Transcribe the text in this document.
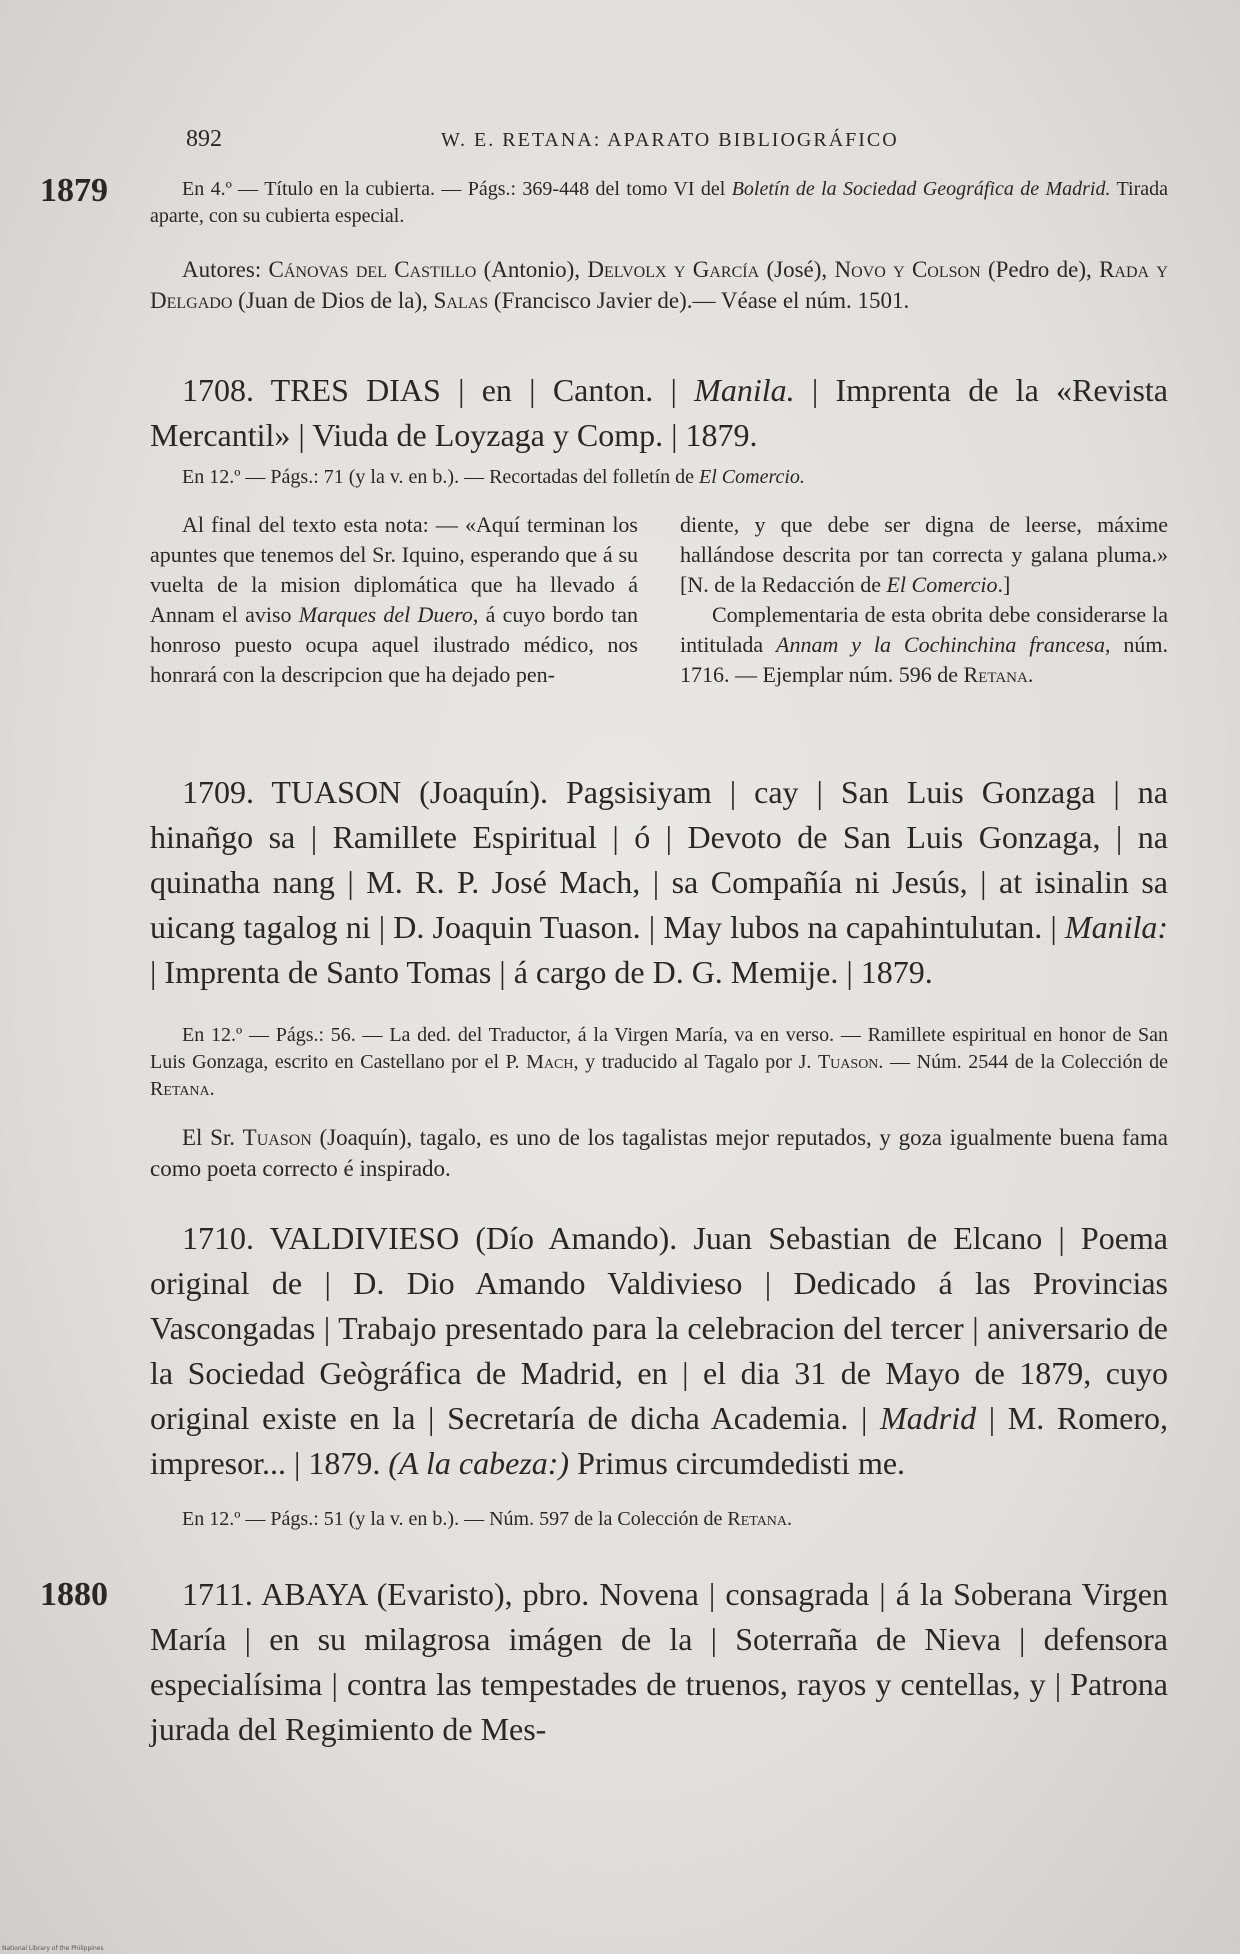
892	W. E. RETANA: APARATO BIBLIOGRÁFICO
1879	En 4.º — Título en la cubierta. — Págs.: 369-448 del tomo VI del Boletín de la Sociedad Geográfica de Madrid. Tirada aparte, con su cubierta especial.

Autores: Cánovas del Castillo (Antonio), Delvolx y García (José), Novo y Colson (Pedro de), Rada y Delgado (Juan de Dios de la), Salas (Francisco Javier de).— Véase el núm. 1501.

1708. TRES DIAS | en | Canton. | Manila. | Imprenta de la «Revista Mercantil» | Viuda de Loyzaga y Comp. | 1879.

En 12.º — Págs.: 71 (y la v. en b.). — Recortadas del folletín de El Comercio.

Al final del texto esta nota: — «Aquí terminan los apuntes que tenemos del Sr. Iquino, esperando que á su vuelta de la mision diplomática que ha llevado á Annam el aviso Marques del Duero, á cuyo bordo tan honroso puesto ocupa aquel ilustrado médico, nos honrará con la descripcion que ha dejado pen-

diente, y que debe ser digna de leerse, máxime hallándose descrita por tan correcta y galana pluma.» [N. de la Redacción de El Comercio.]

Complementaria de esta obrita debe considerarse la intitulada Annam y la Cochinchina francesa, núm. 1716. — Ejemplar núm. 596 de Retana.

1709. TUASON (Joaquín). Pagsisiyam | cay | San Luis Gonzaga | na hinañgo sa | Ramillete Espiritual | ó | Devoto de San Luis Gonzaga, | na quinatha nang | M. R. P. José Mach, | sa Compañía ni Jesús, | at isinalin sa uicang tagalog ni | D. Joaquin Tuason. | May lubos na capahintulutan. | Manila: | Imprenta de Santo Tomas | á cargo de D. G. Memije. | 1879.

En 12.º — Págs.: 56. — La ded. del Traductor, á la Virgen María, va en verso. — Ramillete espiritual en honor de San Luis Gonzaga, escrito en Castellano por el P. Mach, y traducido al Tagalo por J. Tuason. — Núm. 2544 de la Colección de Retana.

El Sr. Tuason (Joaquín), tagalo, es uno de los tagalistas mejor reputados, y goza igualmente buena fama como poeta correcto é inspirado.

1710. VALDIVIESO (Dío Amando). Juan Sebastian de Elcano | Poema original de | D. Dio Amando Valdivieso | Dedicado á las Provincias Vascongadas | Trabajo presentado para la celebracion del tercer | aniversario de la Sociedad Geògráfica de Madrid, en | el dia 31 de Mayo de 1879, cuyo original existe en la | Secretaría de dicha Academia. | Madrid | M. Romero, impresor... | 1879. (A la cabeza:) Primus circumdedisti me.

En 12.º — Págs.: 51 (y la v. en b.). — Núm. 597 de la Colección de Retana.

1880	1711. ABAYA (Evaristo), pbro. Novena | consagrada | á la Soberana Virgen María | en su milagrosa imágen de la | Soterraña de Nieva | defensora especialísima | contra las tempestades de truenos, rayos y centellas, y | Patrona jurada del Regimiento de Mes-

National Library of the Philippines
